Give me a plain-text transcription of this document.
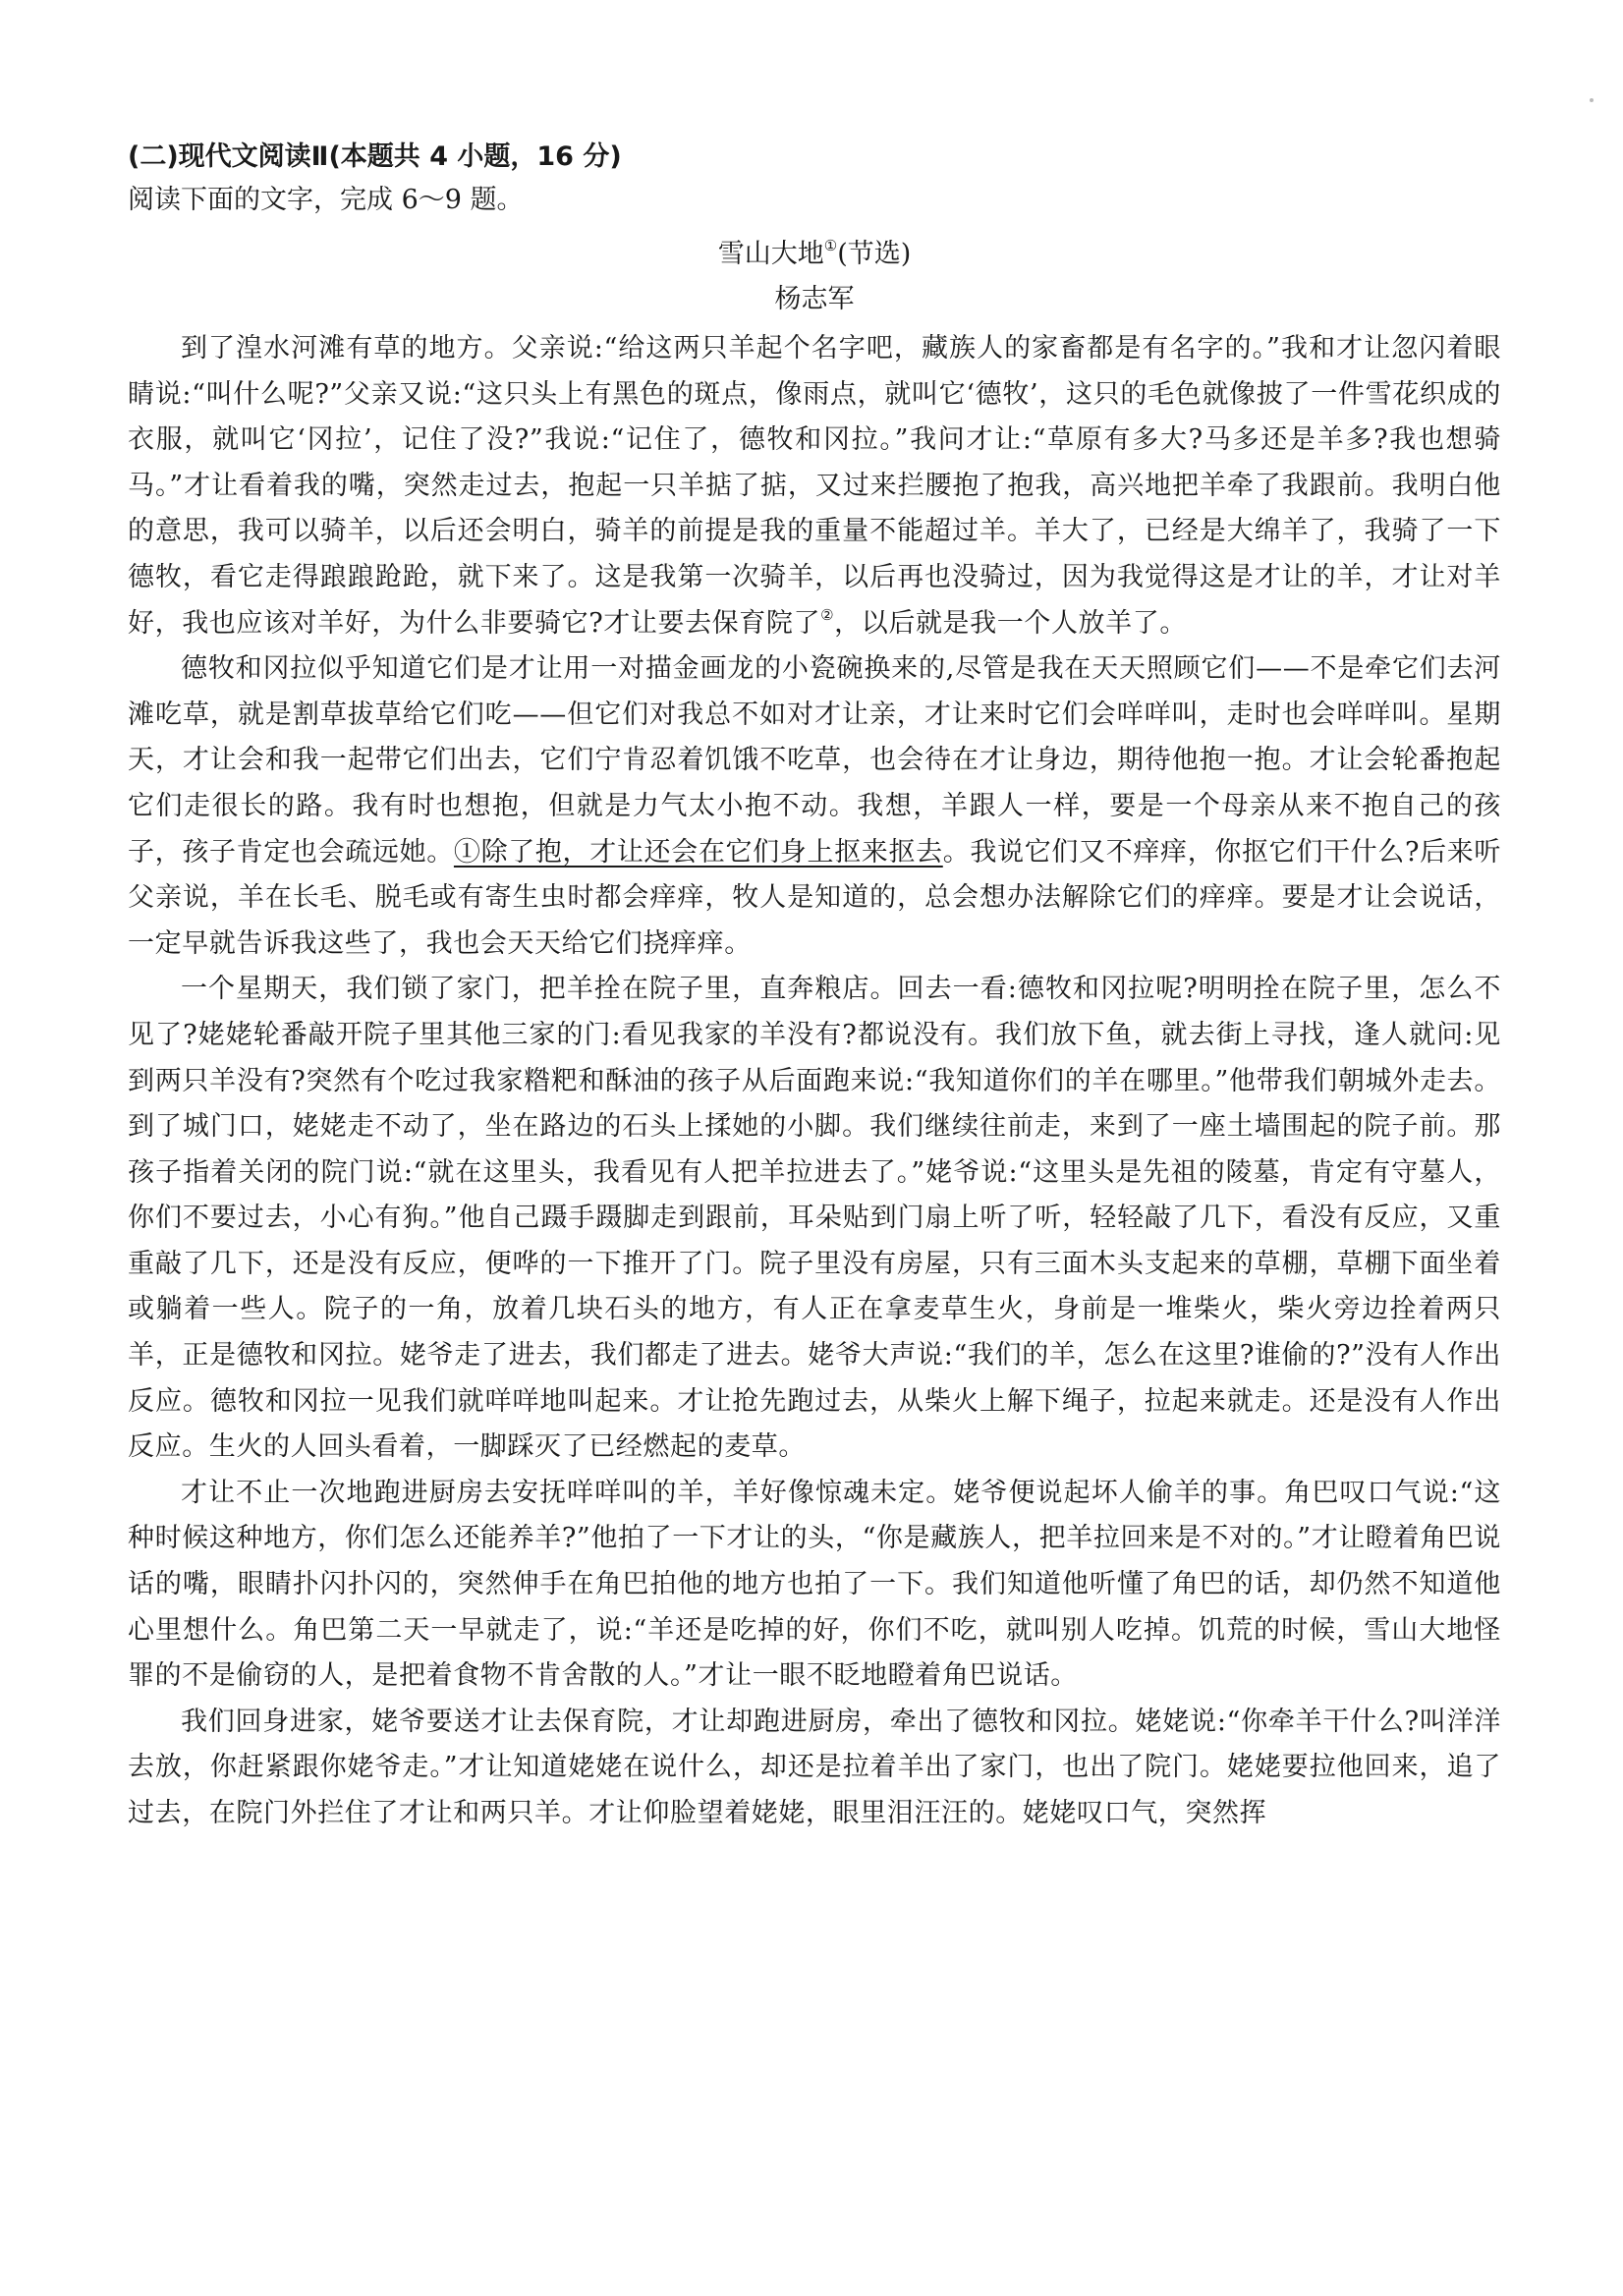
(二)现代文阅读Ⅱ(本题共 4 小题，16 分)

阅读下面的文字，完成 6～9 题。

雪山大地①(节选)

杨志军

到了湟水河滩有草的地方。父亲说:“给这两只羊起个名字吧，藏族人的家畜都是有名字的。”我和才让忽闪着眼睛说:“叫什么呢?”父亲又说:“这只头上有黑色的斑点，像雨点，就叫它‘德牧’，这只的毛色就像披了一件雪花织成的衣服，就叫它‘冈拉’，记住了没?”我说:“记住了，德牧和冈拉。”我问才让:“草原有多大?马多还是羊多?我也想骑马。”才让看着我的嘴，突然走过去，抱起一只羊掂了掂，又过来拦腰抱了抱我，高兴地把羊牵了我跟前。我明白他的意思，我可以骑羊，以后还会明白，骑羊的前提是我的重量不能超过羊。羊大了，已经是大绵羊了，我骑了一下德牧，看它走得踉踉跄跄，就下来了。这是我第一次骑羊，以后再也没骑过，因为我觉得这是才让的羊，才让对羊好，我也应该对羊好，为什么非要骑它?才让要去保育院了②，以后就是我一个人放羊了。

德牧和冈拉似乎知道它们是才让用一对描金画龙的小瓷碗换来的,尽管是我在天天照顾它们——不是牵它们去河滩吃草，就是割草拔草给它们吃——但它们对我总不如对才让亲，才让来时它们会咩咩叫，走时也会咩咩叫。星期天，才让会和我一起带它们出去，它们宁肯忍着饥饿不吃草，也会待在才让身边，期待他抱一抱。才让会轮番抱起它们走很长的路。我有时也想抱，但就是力气太小抱不动。我想，羊跟人一样，要是一个母亲从来不抱自己的孩子，孩子肯定也会疏远她。①除了抱，才让还会在它们身上抠来抠去。我说它们又不痒痒，你抠它们干什么?后来听父亲说，羊在长毛、脱毛或有寄生虫时都会痒痒，牧人是知道的，总会想办法解除它们的痒痒。要是才让会说话，一定早就告诉我这些了，我也会天天给它们挠痒痒。

一个星期天，我们锁了家门，把羊拴在院子里，直奔粮店。回去一看:德牧和冈拉呢?明明拴在院子里，怎么不见了?姥姥轮番敲开院子里其他三家的门:看见我家的羊没有?都说没有。我们放下鱼，就去街上寻找，逢人就问:见到两只羊没有?突然有个吃过我家糌粑和酥油的孩子从后面跑来说:“我知道你们的羊在哪里。”他带我们朝城外走去。到了城门口，姥姥走不动了，坐在路边的石头上揉她的小脚。我们继续往前走，来到了一座土墙围起的院子前。那孩子指着关闭的院门说:“就在这里头，我看见有人把羊拉进去了。”姥爷说:“这里头是先祖的陵墓，肯定有守墓人，你们不要过去，小心有狗。”他自己蹑手蹑脚走到跟前，耳朵贴到门扇上听了听，轻轻敲了几下，看没有反应，又重重敲了几下，还是没有反应，便哗的一下推开了门。院子里没有房屋，只有三面木头支起来的草棚，草棚下面坐着或躺着一些人。院子的一角，放着几块石头的地方，有人正在拿麦草生火，身前是一堆柴火，柴火旁边拴着两只羊，正是德牧和冈拉。姥爷走了进去，我们都走了进去。姥爷大声说:“我们的羊，怎么在这里?谁偷的?”没有人作出反应。德牧和冈拉一见我们就咩咩地叫起来。才让抢先跑过去，从柴火上解下绳子，拉起来就走。还是没有人作出反应。生火的人回头看着，一脚踩灭了已经燃起的麦草。

才让不止一次地跑进厨房去安抚咩咩叫的羊，羊好像惊魂未定。姥爷便说起坏人偷羊的事。角巴叹口气说:“这种时候这种地方，你们怎么还能养羊?”他拍了一下才让的头，“你是藏族人，把羊拉回来是不对的。”才让瞪着角巴说话的嘴，眼睛扑闪扑闪的，突然伸手在角巴拍他的地方也拍了一下。我们知道他听懂了角巴的话，却仍然不知道他心里想什么。角巴第二天一早就走了，说:“羊还是吃掉的好，你们不吃，就叫别人吃掉。饥荒的时候，雪山大地怪罪的不是偷窃的人，是把着食物不肯舍散的人。”才让一眼不眨地瞪着角巴说话。

我们回身进家，姥爷要送才让去保育院，才让却跑进厨房，牵出了德牧和冈拉。姥姥说:“你牵羊干什么?叫洋洋去放，你赶紧跟你姥爷走。”才让知道姥姥在说什么，却还是拉着羊出了家门，也出了院门。姥姥要拉他回来，追了过去，在院门外拦住了才让和两只羊。才让仰脸望着姥姥，眼里泪汪汪的。姥姥叹口气，突然挥
